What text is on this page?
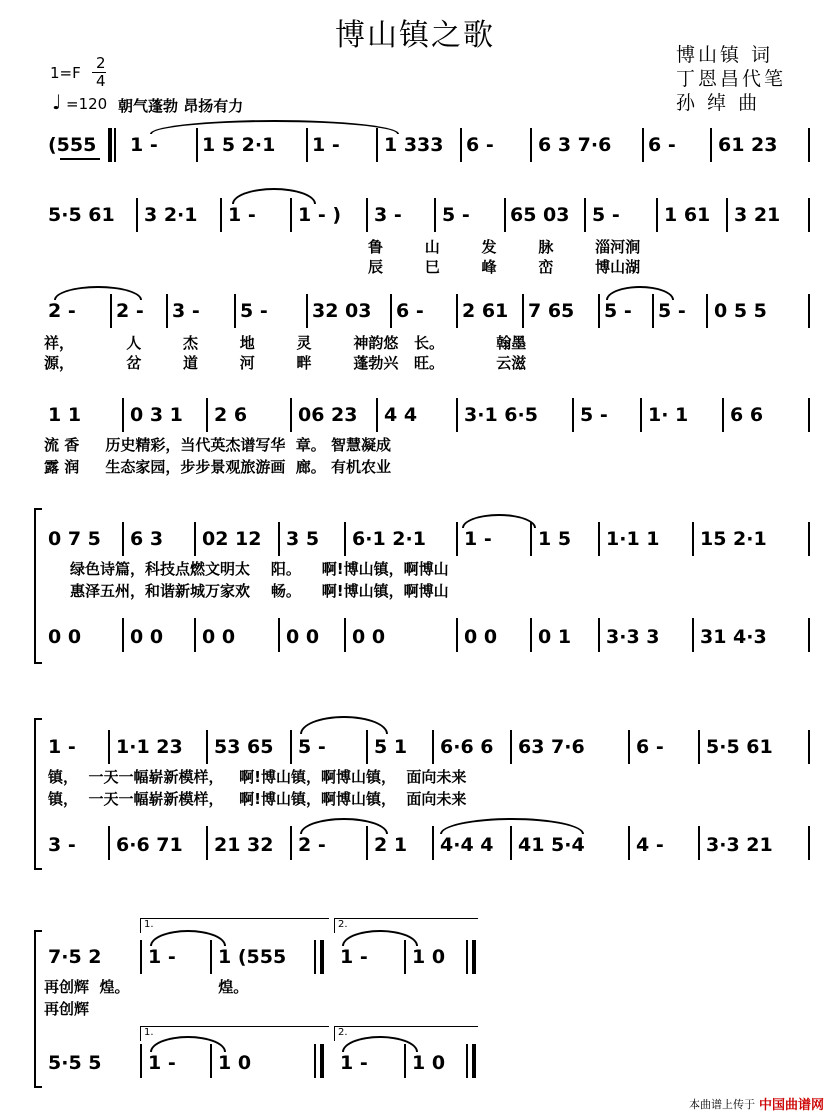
博山镇之歌
博山镇 词
丁恩昌代笔
孙 绰 曲
1=F
2
4
♩ =120 朝气蓬勃 昂扬有力
(555 1 - 1 5 2·1 1 - 1 333 6 - 6 3 7·6 6 - 61 23
5·5 61 3 2·1 1 - 1 - ) 3 - 5 - 65 03 5 - 1 61 3 21
鲁        山        发        脉        淄河涧
辰        巳        峰        峦        博山湖
2 - 2 - 3 - 5 - 32 03 6 - 2 61 7 65 5 - 5 - 0 5 5
祥，          人        杰        地        灵        神韵悠   长。          翰墨
源，          岔        道        河        畔        蓬勃兴   旺。          云滋
1 1	0 3 1 2 6	06 23 4 4 3·1 6·5 5 - 1· 1 6 6
流 香     历史精彩，当代英杰谱写华  章。 智慧凝成
露 润     生态家园，步步景观旅游画  廊。 有机农业
0 7 5 6 3 02 12 3 5 6·1 2·1 1 - 1 5 1·1 1 15 2·1
绿色诗篇，科技点燃文明太    阳。    啊!博山镇，啊博山
惠泽五州，和谐新城万家欢    畅。    啊!博山镇，啊博山
0 0	0 0 0 0	0 0 0 0	0 0 0 1 3·3 3 31 4·3
1 - 1·1 23 53 65 5 -	5 1 6·6 6 63 7·6	6 - 5·5 61
镇，  一天一幅崭新模样，   啊!博山镇，啊博山镇，  面向未来
镇，  一天一幅崭新模样，   啊!博山镇，啊博山镇，  面向未来
3 - 6·6 71 21 32 2 -	2 1 4·4 4 41 5·4	4 - 3·3 21
1.	2.
1.	2.
7·5 2 1 - 1 (555	1 - 1 0
再创辉  煌。                 煌。
再创辉
5·5 5 1 - 1 0	1 - 1 0
本曲谱上传于 中国曲谱网
